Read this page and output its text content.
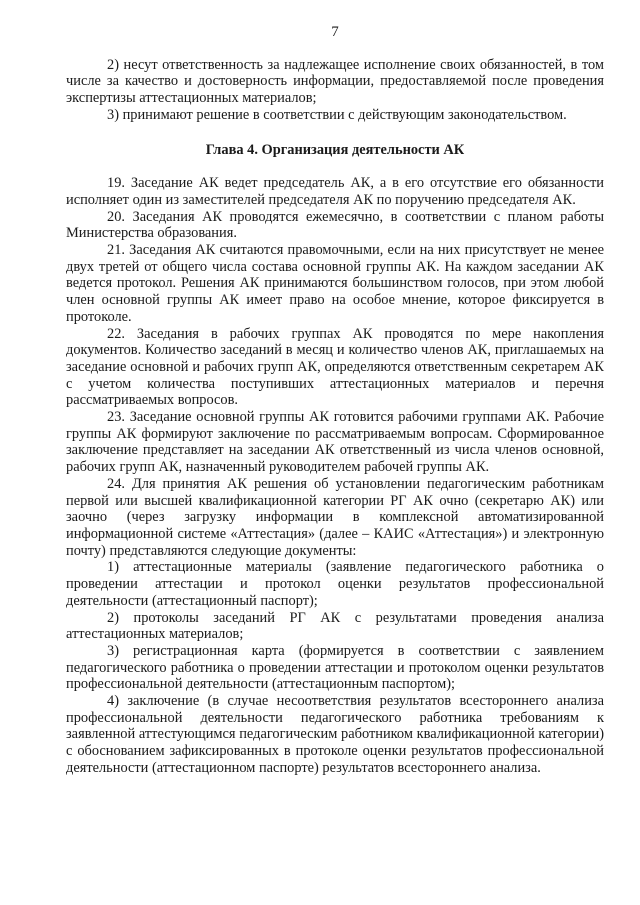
7

2) несут ответственность за надлежащее исполнение своих обязанностей, в том числе за качество и достоверность информации, предоставляемой после проведения экспертизы аттестационных материалов;

3) принимают решение в соответствии с действующим законодательством.

Глава 4. Организация деятельности АК

19. Заседание АК ведет председатель АК, а в его отсутствие его обязанности исполняет один из заместителей председателя АК по поручению председателя АК.

20. Заседания АК проводятся ежемесячно, в соответствии с планом работы Министерства образования.

21. Заседания АК считаются правомочными, если на них присутствует не менее двух третей от общего числа состава основной группы АК. На каждом заседании АК ведется протокол. Решения АК принимаются большинством голосов, при этом любой член основной группы АК имеет право на особое мнение, которое фиксируется в протоколе.

22. Заседания в рабочих группах АК проводятся по мере накопления документов. Количество заседаний в месяц и количество членов АК, приглашаемых на заседание основной и рабочих групп АК, определяются ответственным секретарем АК с учетом количества поступивших аттестационных материалов и перечня рассматриваемых вопросов.

23. Заседание основной группы АК готовится рабочими группами АК. Рабочие группы АК формируют заключение по рассматриваемым вопросам. Сформированное заключение представляет на заседании АК ответственный из числа членов основной, рабочих групп АК, назначенный руководителем рабочей группы АК.

24. Для принятия АК решения об установлении педагогическим работникам первой или высшей квалификационной категории РГ АК очно (секретарю АК) или заочно (через загрузку информации в комплексной автоматизированной информационной системе «Аттестация» (далее – КАИС «Аттестация») и электронную почту) представляются следующие документы:

1) аттестационные материалы (заявление педагогического работника о проведении аттестации и протокол оценки результатов профессиональной деятельности (аттестационный паспорт);

2) протоколы заседаний РГ АК с результатами проведения анализа аттестационных материалов;

3) регистрационная карта (формируется в соответствии с заявлением педагогического работника о проведении аттестации и протоколом оценки результатов профессиональной деятельности (аттестационным паспортом);

4) заключение (в случае несоответствия результатов всестороннего анализа профессиональной деятельности педагогического работника требованиям к заявленной аттестующимся педагогическим работником квалификационной категории) с обоснованием зафиксированных в протоколе оценки результатов профессиональной деятельности (аттестационном паспорте) результатов всестороннего анализа.
